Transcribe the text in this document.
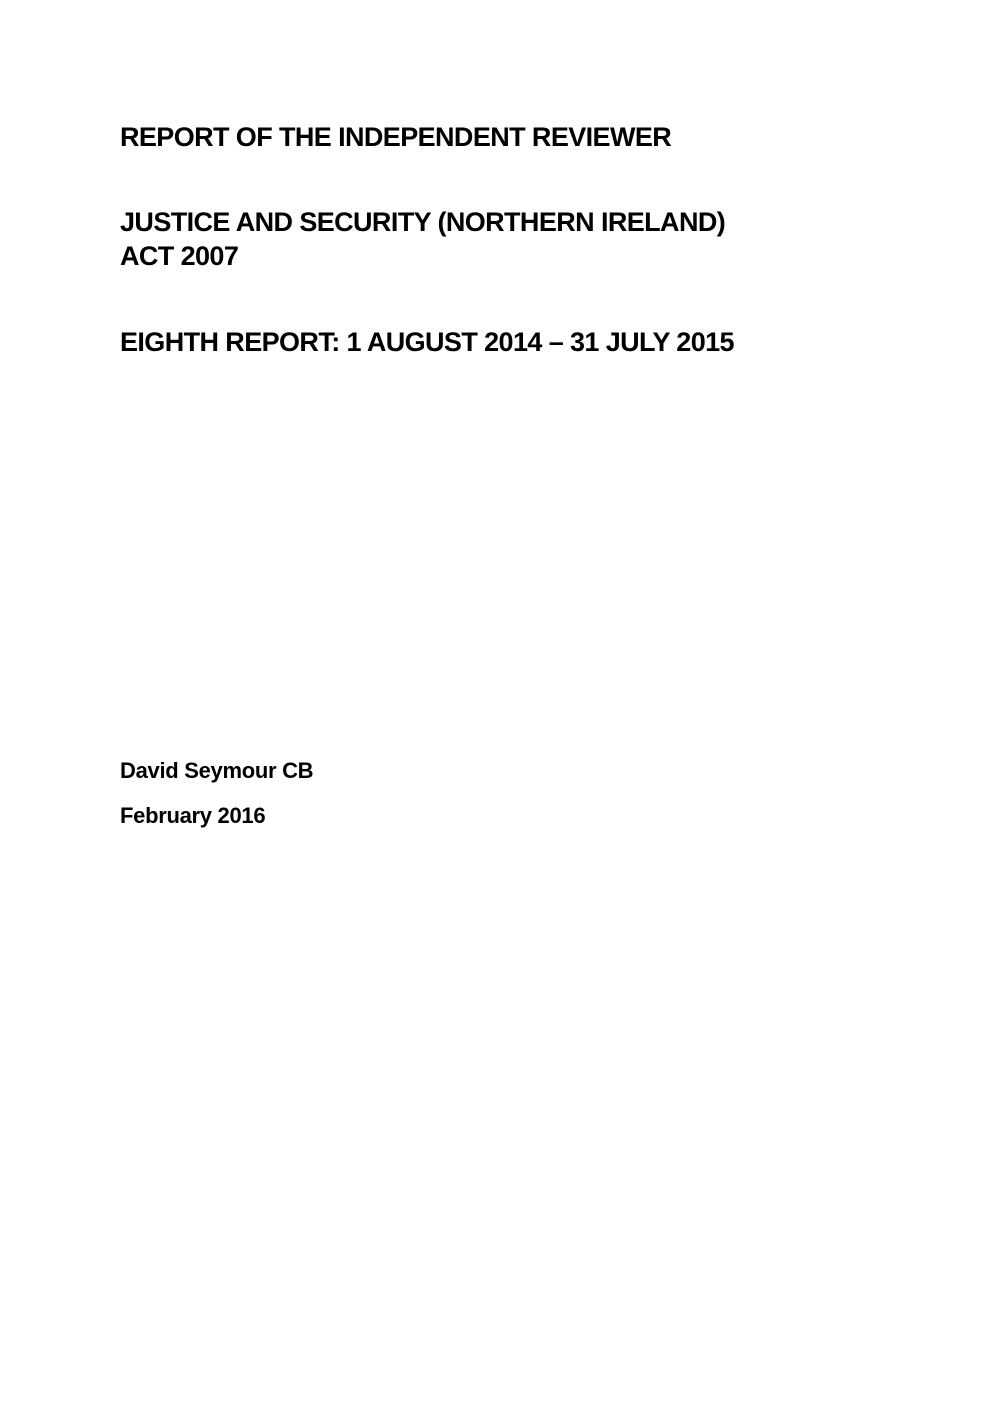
REPORT OF THE INDEPENDENT REVIEWER
JUSTICE AND SECURITY (NORTHERN IRELAND)
ACT 2007
EIGHTH REPORT: 1 AUGUST 2014 – 31 JULY 2015

David Seymour CB

February 2016
